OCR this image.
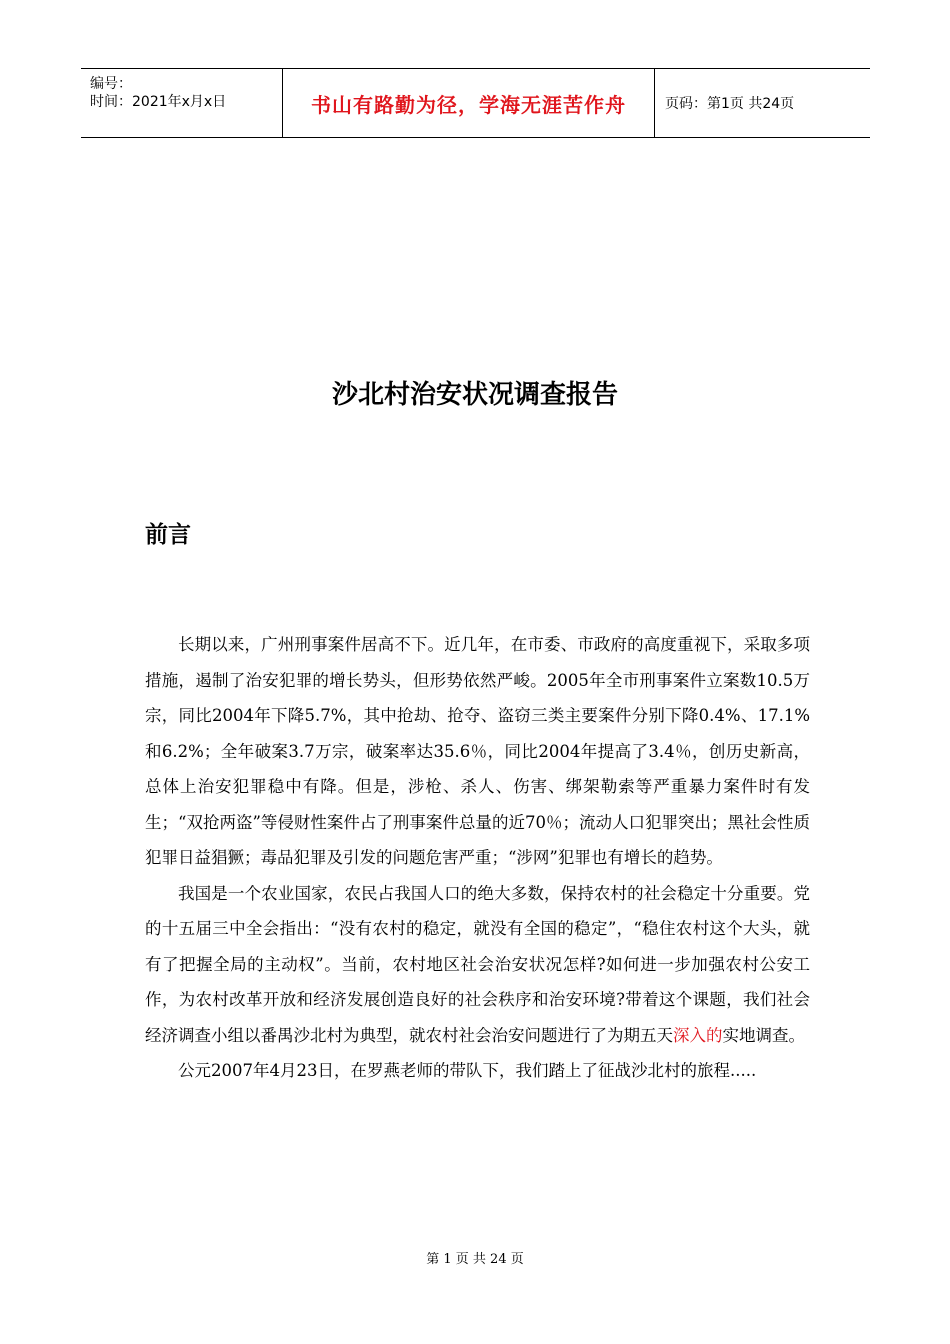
编号：
时间：2021年x月x日	书山有路勤为径，学海无涯苦作舟	页码：第1页 共24页
沙北村治安状况调查报告
前言

长期以来，广州刑事案件居高不下。近几年，在市委、市政府的高度重视下，采取多项措施，遏制了治安犯罪的增长势头，但形势依然严峻。2005年全市刑事案件立案数10.5万宗，同比2004年下降5.7%，其中抢劫、抢夺、盗窃三类主要案件分别下降0.4%、17.1%和6.2%；全年破案3.7万宗，破案率达35.6％，同比2004年提高了3.4％，创历史新高，总体上治安犯罪稳中有降。但是，涉枪、杀人、伤害、绑架勒索等严重暴力案件时有发生；“双抢两盗”等侵财性案件占了刑事案件总量的近70％；流动人口犯罪突出；黑社会性质犯罪日益猖獗；毒品犯罪及引发的问题危害严重；“涉网”犯罪也有增长的趋势。

我国是一个农业国家，农民占我国人口的绝大多数，保持农村的社会稳定十分重要。党的十五届三中全会指出：“没有农村的稳定，就没有全国的稳定”，“稳住农村这个大头，就有了把握全局的主动权”。当前，农村地区社会治安状况怎样?如何进一步加强农村公安工作，为农村改革开放和经济发展创造良好的社会秩序和治安环境?带着这个课题，我们社会经济调查小组以番禺沙北村为典型，就农村社会治安问题进行了为期五天深入的实地调查。

公元2007年4月23日，在罗燕老师的带队下，我们踏上了征战沙北村的旅程.....

第 1 页 共 24 页
